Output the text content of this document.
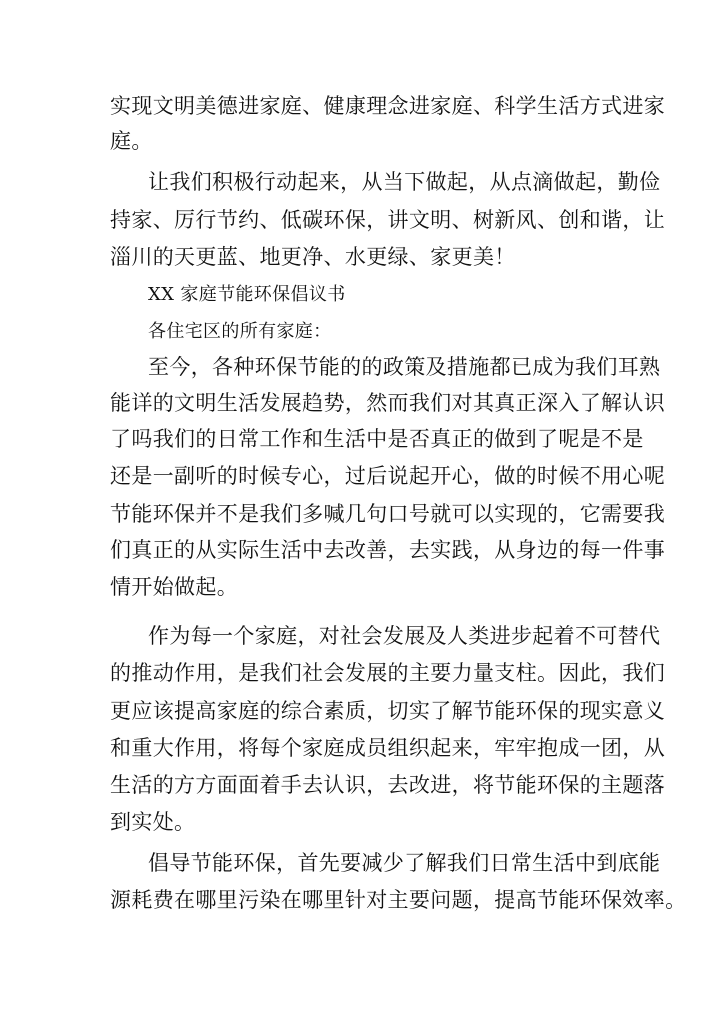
实现文明美德进家庭、健康理念进家庭、科学生活方式进家
庭。
让我们积极行动起来，从当下做起，从点滴做起，勤俭
持家、厉行节约、低碳环保，讲文明、树新风、创和谐，让
淄川的天更蓝、地更净、水更绿、家更美！
XX 家庭节能环保倡议书
各住宅区的所有家庭：
至今，各种环保节能的的政策及措施都已成为我们耳熟
能详的文明生活发展趋势，然而我们对其真正深入了解认识
了吗我们的日常工作和生活中是否真正的做到了呢是不是
还是一副听的时候专心，过后说起开心，做的时候不用心呢
节能环保并不是我们多喊几句口号就可以实现的，它需要我
们真正的从实际生活中去改善，去实践，从身边的每一件事
情开始做起。
作为每一个家庭，对社会发展及人类进步起着不可替代
的推动作用，是我们社会发展的主要力量支柱。因此，我们
更应该提高家庭的综合素质，切实了解节能环保的现实意义
和重大作用，将每个家庭成员组织起来，牢牢抱成一团，从
生活的方方面面着手去认识，去改进，将节能环保的主题落
到实处。
倡导节能环保，首先要减少了解我们日常生活中到底能
源耗费在哪里污染在哪里针对主要问题，提高节能环保效率。
